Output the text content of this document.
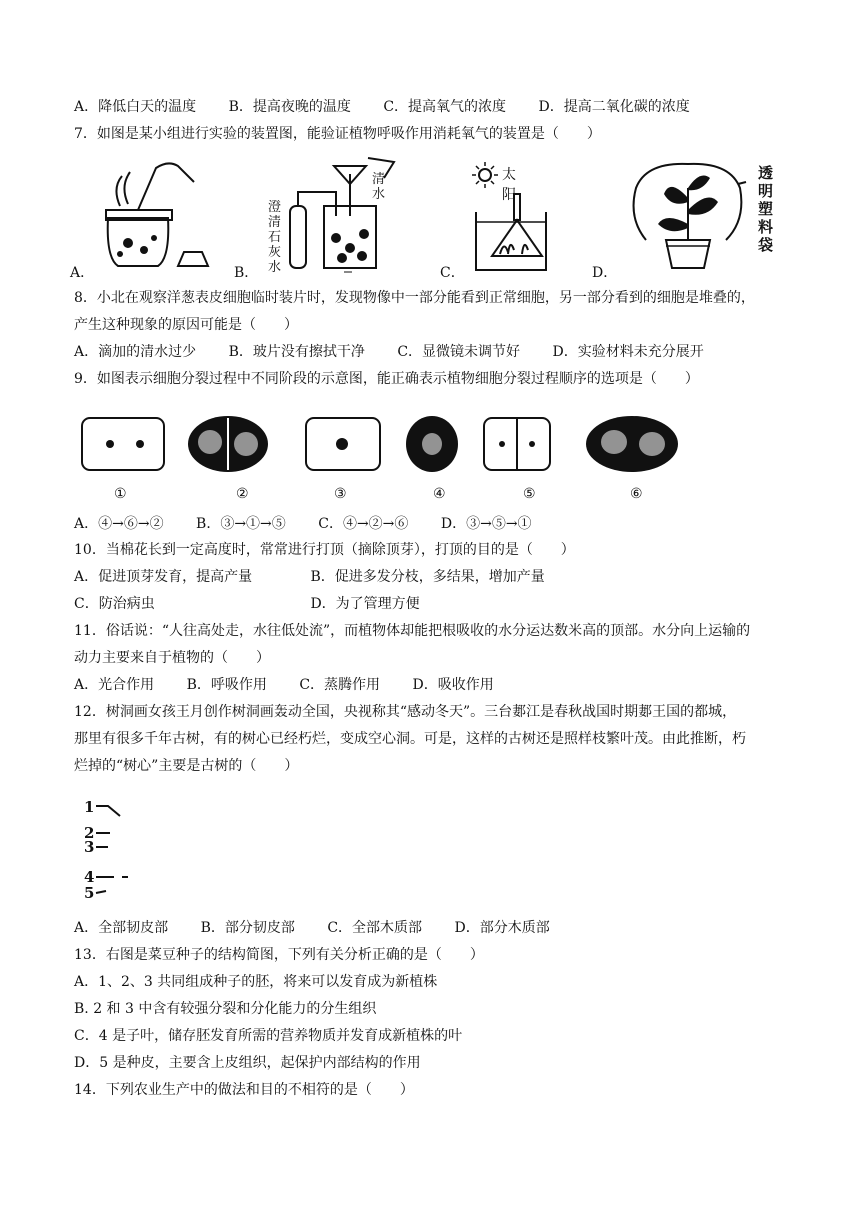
A．降低白天的温度 B．提高夜晚的温度 C．提高氧气的浓度 D．提高二氧化碳的浓度
7．如图是某小组进行实验的装置图，能验证植物呼吸作用消耗氧气的装置是（　　）
A．	B．
澄清石灰水
清水
C．
太阳
D．
透明塑料袋
8．小北在观察洋葱表皮细胞临时装片时，发现物像中一部分能看到正常细胞，另一部分看到的细胞是堆叠的，
产生这种现象的原因可能是（　　）
A．滴加的清水过少 B．玻片没有擦拭干净 C．显微镜未调节好 D．实验材料未充分展开
9．如图表示细胞分裂过程中不同阶段的示意图，能正确表示植物细胞分裂过程顺序的选项是（　　）
①	②	③	④	⑤	⑥
A．④→⑥→② B．③→①→⑤ C．④→②→⑥ D．③→⑤→①
10．当棉花长到一定高度时，常常进行打顶（摘除顶芽），打顶的目的是（　　）
A．促进顶芽发育，提高产量	B．促进多发分枝，多结果，增加产量
C．防治病虫	D．为了管理方便
11．俗话说：“人往高处走，水往低处流”，而植物体却能把根吸收的水分运达数米高的顶部。水分向上运输的
动力主要来自于植物的（　　）
A．光合作用 B．呼吸作用 C．蒸腾作用 D．吸收作用
12．树洞画女孩王月创作树洞画轰动全国，央视称其“感动冬天”。三台郪江是春秋战国时期郪王国的都城，
那里有很多千年古树，有的树心已经朽烂，变成空心洞。可是，这样的古树还是照样枝繁叶茂。由此推断，朽
烂掉的“树心”主要是古树的（　　）
1
2
3
4
5
A．全部韧皮部 B．部分韧皮部 C．全部木质部 D．部分木质部
13．右图是菜豆种子的结构简图，下列有关分析正确的是（　　）
A．1、2、3 共同组成种子的胚，将来可以发育成为新植株
B. 2 和 3 中含有较强分裂和分化能力的分生组织
C．4 是子叶，储存胚发育所需的营养物质并发育成新植株的叶
D．5 是种皮，主要含上皮组织，起保护内部结构的作用
14．下列农业生产中的做法和目的不相符的是（　　）
